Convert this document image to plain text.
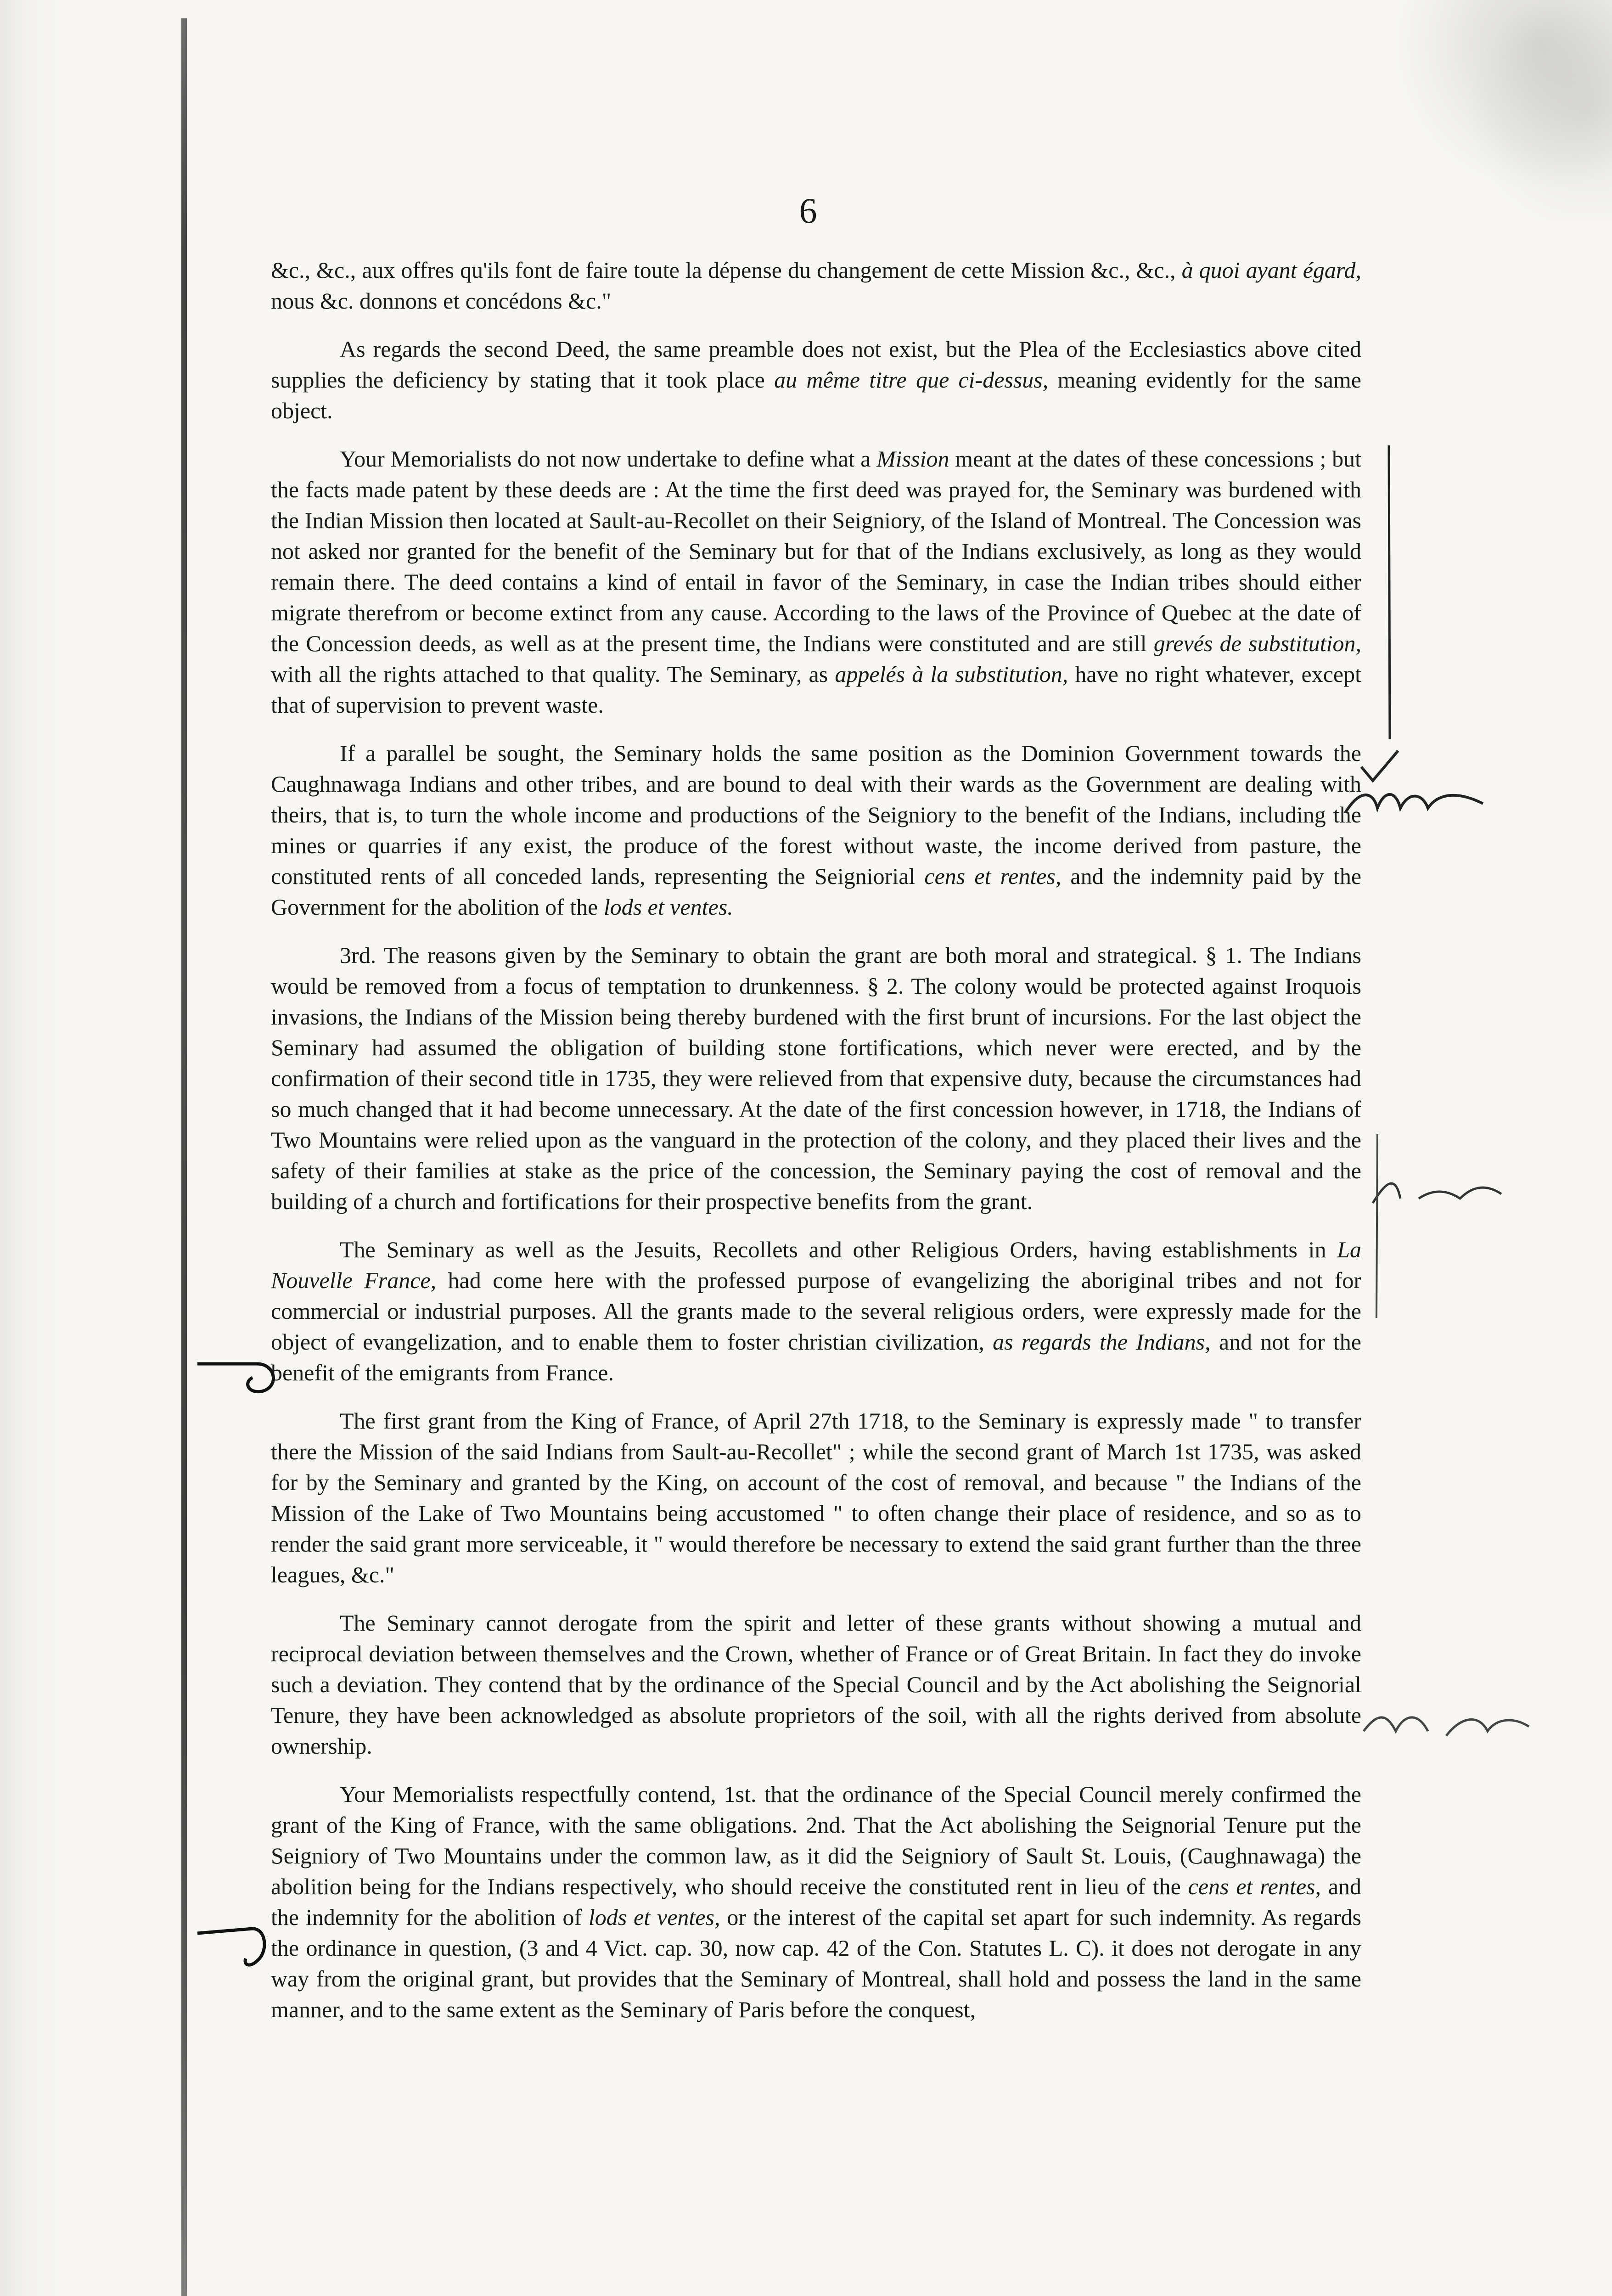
6

&c., &c., aux offres qu'ils font de faire toute la dépense du changement de cette Mission &c., &c., à quoi ayant égard, nous &c. donnons et concédons &c."

As regards the second Deed, the same preamble does not exist, but the Plea of the Ecclesiastics above cited supplies the deficiency by stating that it took place au même titre que ci-dessus, meaning evidently for the same object.

Your Memorialists do not now undertake to define what a Mission meant at the dates of these concessions ; but the facts made patent by these deeds are : At the time the first deed was prayed for, the Seminary was burdened with the Indian Mission then located at Sault-au-Recollet on their Seigniory, of the Island of Montreal. The Concession was not asked nor granted for the benefit of the Seminary but for that of the Indians exclusively, as long as they would remain there. The deed contains a kind of entail in favor of the Seminary, in case the Indian tribes should either migrate therefrom or become extinct from any cause. According to the laws of the Province of Quebec at the date of the Concession deeds, as well as at the present time, the Indians were constituted and are still grevés de substitution, with all the rights attached to that quality. The Seminary, as appelés à la substitution, have no right whatever, except that of supervision to prevent waste.

If a parallel be sought, the Seminary holds the same position as the Dominion Government towards the Caughnawaga Indians and other tribes, and are bound to deal with their wards as the Government are dealing with theirs, that is, to turn the whole income and productions of the Seigniory to the benefit of the Indians, including the mines or quarries if any exist, the produce of the forest without waste, the income derived from pasture, the constituted rents of all conceded lands, representing the Seigniorial cens et rentes, and the indemnity paid by the Government for the abolition of the lods et ventes.

3rd. The reasons given by the Seminary to obtain the grant are both moral and strategical. § 1. The Indians would be removed from a focus of temptation to drunkenness. § 2. The colony would be protected against Iroquois invasions, the Indians of the Mission being thereby burdened with the first brunt of incursions. For the last object the Seminary had assumed the obligation of building stone fortifications, which never were erected, and by the confirmation of their second title in 1735, they were relieved from that expensive duty, because the circumstances had so much changed that it had become unnecessary. At the date of the first concession however, in 1718, the Indians of Two Mountains were relied upon as the vanguard in the protection of the colony, and they placed their lives and the safety of their families at stake as the price of the concession, the Seminary paying the cost of removal and the building of a church and fortifications for their prospective benefits from the grant.

The Seminary as well as the Jesuits, Recollets and other Religious Orders, having establishments in La Nouvelle France, had come here with the professed purpose of evangelizing the aboriginal tribes and not for commercial or industrial purposes. All the grants made to the several religious orders, were expressly made for the object of evangelization, and to enable them to foster christian civilization, as regards the Indians, and not for the benefit of the emigrants from France.

The first grant from the King of France, of April 27th 1718, to the Seminary is expressly made " to transfer there the Mission of the said Indians from Sault-au-Recollet" ; while the second grant of March 1st 1735, was asked for by the Seminary and granted by the King, on account of the cost of removal, and because " the Indians of the Mission of the Lake of Two Mountains being accustomed " to often change their place of residence, and so as to render the said grant more serviceable, it " would therefore be necessary to extend the said grant further than the three leagues, &c."

The Seminary cannot derogate from the spirit and letter of these grants without showing a mutual and reciprocal deviation between themselves and the Crown, whether of France or of Great Britain. In fact they do invoke such a deviation. They contend that by the ordinance of the Special Council and by the Act abolishing the Seignorial Tenure, they have been acknowledged as absolute proprietors of the soil, with all the rights derived from absolute ownership.

Your Memorialists respectfully contend, 1st. that the ordinance of the Special Council merely confirmed the grant of the King of France, with the same obligations. 2nd. That the Act abolishing the Seignorial Tenure put the Seigniory of Two Mountains under the common law, as it did the Seigniory of Sault St. Louis, (Caughnawaga) the abolition being for the Indians respectively, who should receive the constituted rent in lieu of the cens et rentes, and the indemnity for the abolition of lods et ventes, or the interest of the capital set apart for such indemnity. As regards the ordinance in question, (3 and 4 Vict. cap. 30, now cap. 42 of the Con. Statutes L. C). it does not derogate in any way from the original grant, but provides that the Seminary of Montreal, shall hold and possess the land in the same manner, and to the same extent as the Seminary of Paris before the conquest,
